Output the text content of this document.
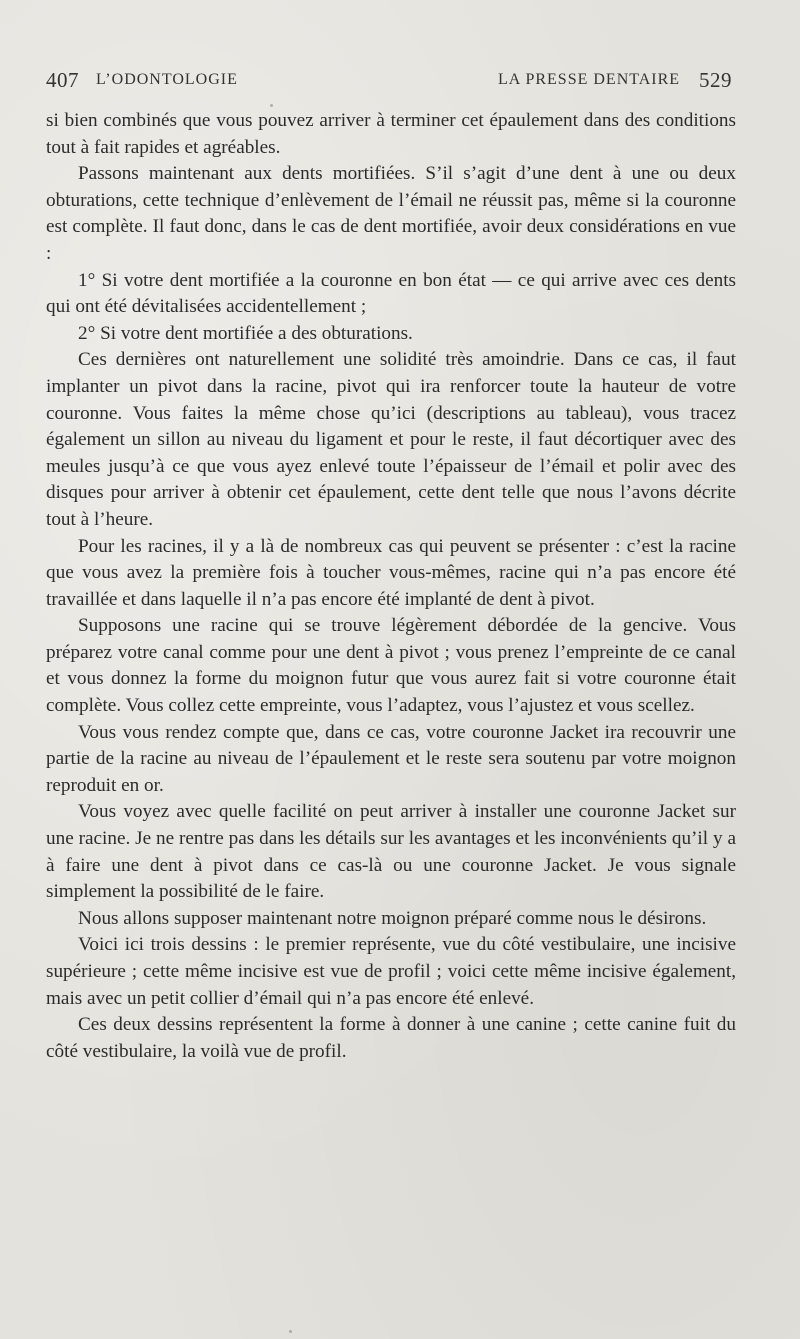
407 L’ODONTOLOGIE	LA PRESSE DENTAIRE 529

si bien combinés que vous pouvez arriver à terminer cet épaulement dans des conditions tout à fait rapides et agréables.

Passons maintenant aux dents mortifiées. S’il s’agit d’une dent à une ou deux obturations, cette technique d’enlèvement de l’émail ne réussit pas, même si la couronne est complète. Il faut donc, dans le cas de dent mortifiée, avoir deux considérations en vue :

1° Si votre dent mortifiée a la couronne en bon état — ce qui arrive avec ces dents qui ont été dévitalisées accidentellement ;

2° Si votre dent mortifiée a des obturations.

Ces dernières ont naturellement une solidité très amoindrie. Dans ce cas, il faut implanter un pivot dans la racine, pivot qui ira renforcer toute la hauteur de votre couronne. Vous faites la même chose qu’ici (descriptions au tableau), vous tracez également un sillon au niveau du ligament et pour le reste, il faut décortiquer avec des meules jusqu’à ce que vous ayez enlevé toute l’épaisseur de l’émail et polir avec des disques pour arriver à obtenir cet épaulement, cette dent telle que nous l’avons décrite tout à l’heure.

Pour les racines, il y a là de nombreux cas qui peuvent se présenter : c’est la racine que vous avez la première fois à toucher vous-mêmes, racine qui n’a pas encore été travaillée et dans laquelle il n’a pas encore été implanté de dent à pivot.

Supposons une racine qui se trouve légèrement débordée de la gencive. Vous préparez votre canal comme pour une dent à pivot ; vous prenez l’empreinte de ce canal et vous donnez la forme du moignon futur que vous aurez fait si votre couronne était complète. Vous collez cette empreinte, vous l’adaptez, vous l’ajustez et vous scellez.

Vous vous rendez compte que, dans ce cas, votre couronne Jacket ira recouvrir une partie de la racine au niveau de l’épaulement et le reste sera soutenu par votre moignon reproduit en or.

Vous voyez avec quelle facilité on peut arriver à installer une couronne Jacket sur une racine. Je ne rentre pas dans les détails sur les avantages et les inconvénients qu’il y a à faire une dent à pivot dans ce cas-là ou une couronne Jacket. Je vous signale simplement la possibilité de le faire.

Nous allons supposer maintenant notre moignon préparé comme nous le désirons.

Voici ici trois dessins : le premier représente, vue du côté vestibulaire, une incisive supérieure ; cette même incisive est vue de profil ; voici cette même incisive également, mais avec un petit collier d’émail qui n’a pas encore été enlevé.

Ces deux dessins représentent la forme à donner à une canine ; cette canine fuit du côté vestibulaire, la voilà vue de profil.
